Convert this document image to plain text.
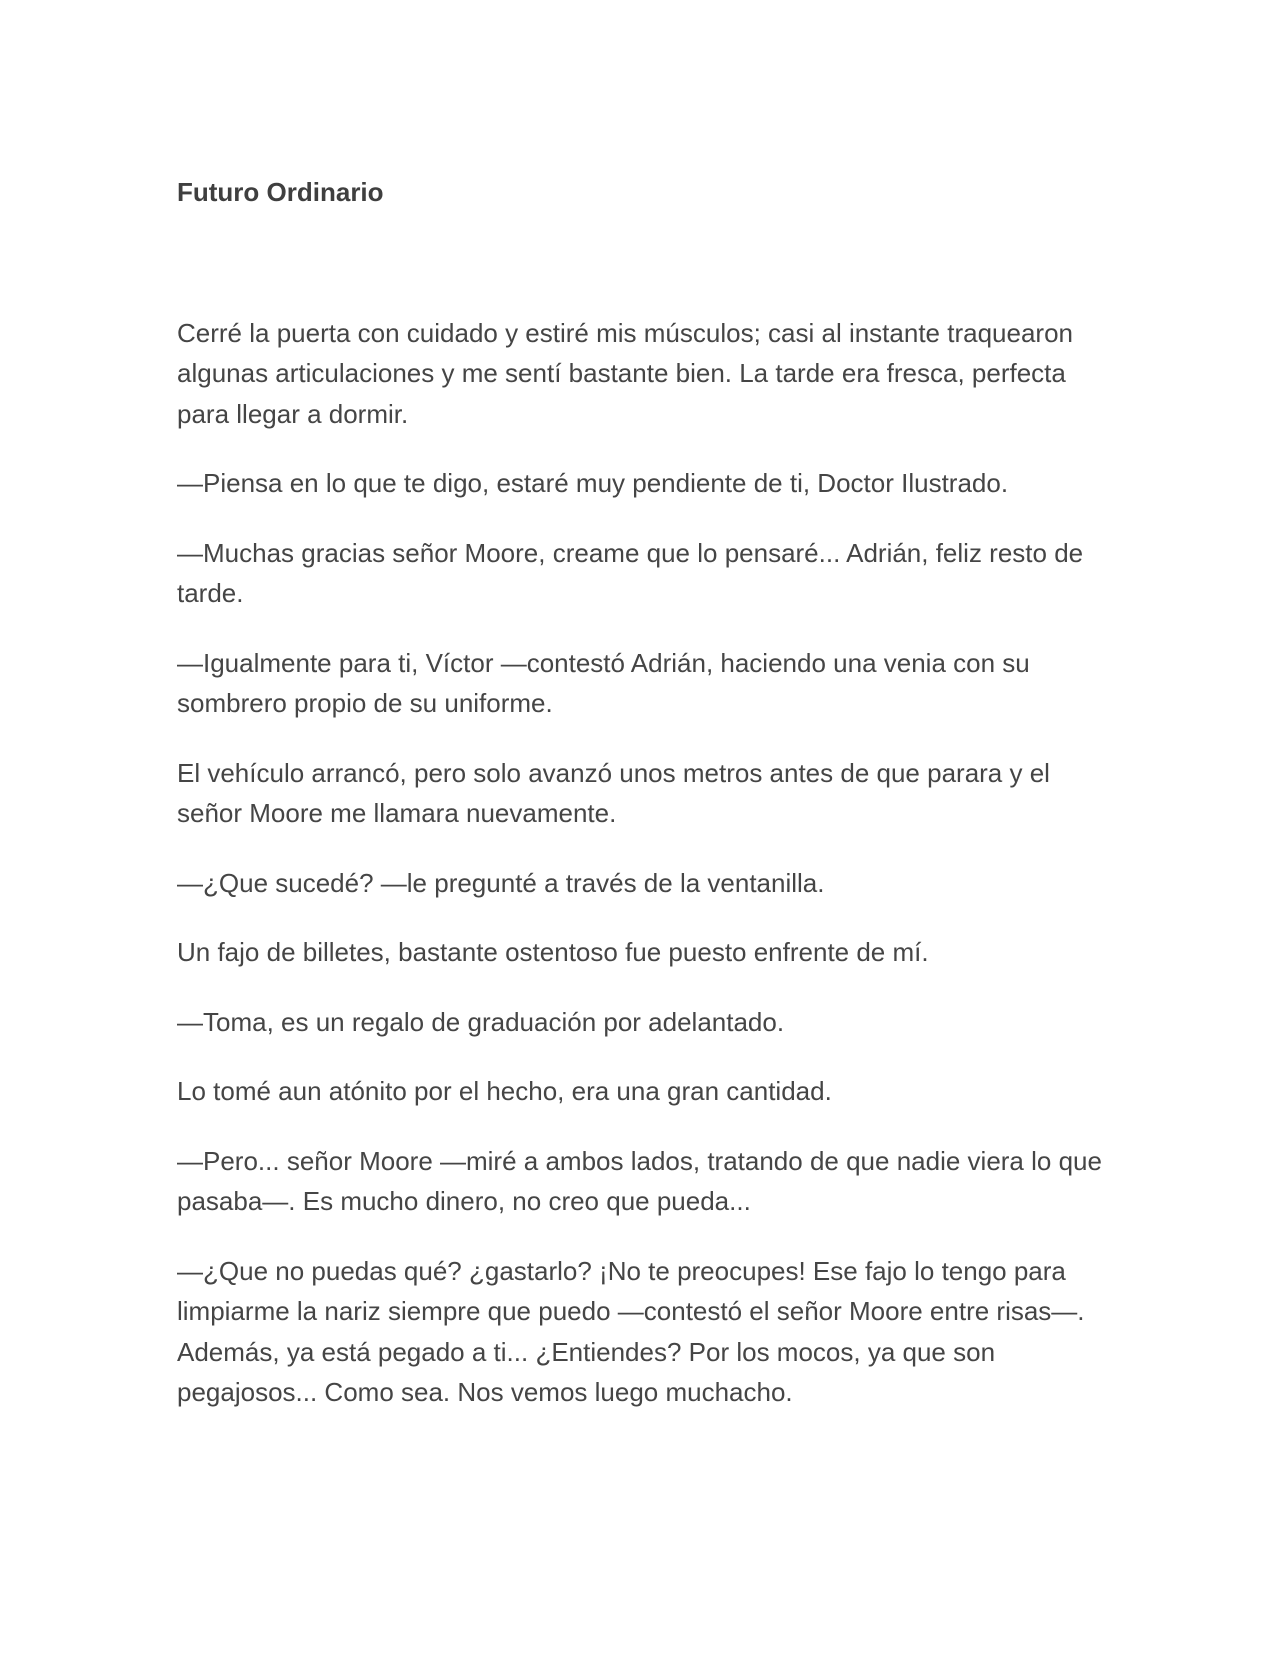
Futuro Ordinario

Cerré la puerta con cuidado y estiré mis músculos; casi al instante traquearon algunas articulaciones y me sentí bastante bien. La tarde era fresca, perfecta para llegar a dormir.

—Piensa en lo que te digo, estaré muy pendiente de ti, Doctor Ilustrado.

—Muchas gracias señor Moore, creame que lo pensaré... Adrián, feliz resto de tarde.

—Igualmente para ti, Víctor —contestó Adrián, haciendo una venia con su sombrero propio de su uniforme.

El vehículo arrancó, pero solo avanzó unos metros antes de que parara y el señor Moore me llamara nuevamente.

—¿Que sucedé? —le pregunté a través de la ventanilla.

Un fajo de billetes, bastante ostentoso fue puesto enfrente de mí.

—Toma, es un regalo de graduación por adelantado.

Lo tomé aun atónito por el hecho, era una gran cantidad.

—Pero... señor Moore —miré a ambos lados, tratando de que nadie viera lo que pasaba—. Es mucho dinero, no creo que pueda...

—¿Que no puedas qué? ¿gastarlo? ¡No te preocupes! Ese fajo lo tengo para limpiarme la nariz siempre que puedo —contestó el señor Moore entre risas—. Además, ya está pegado a ti... ¿Entiendes? Por los mocos, ya que son pegajosos... Como sea. Nos vemos luego muchacho.
